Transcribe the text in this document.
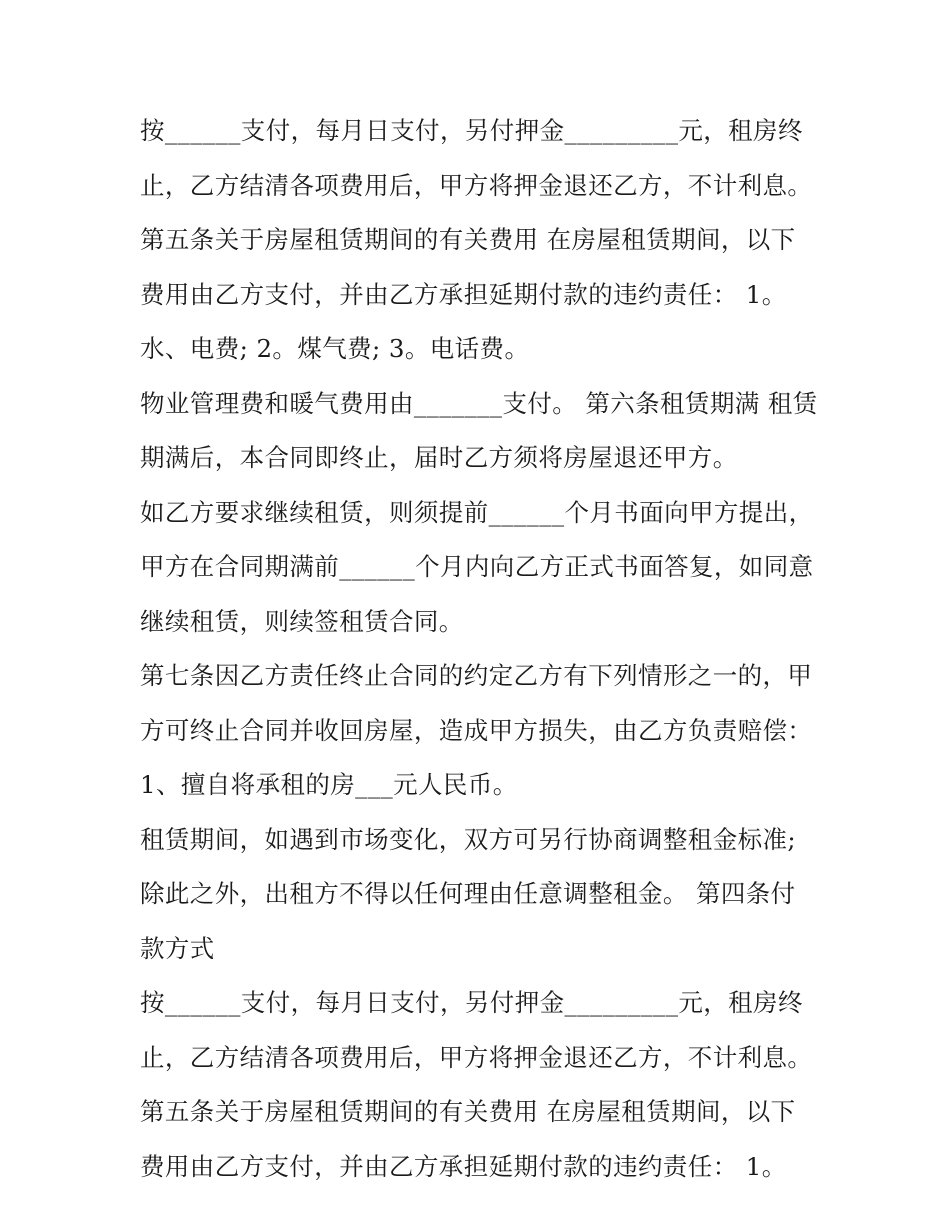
按______支付，每月日支付，另付押金_________元，租房终
止，乙方结清各项费用后，甲方将押金退还乙方，不计利息。
第五条关于房屋租赁期间的有关费用 在房屋租赁期间，以下
费用由乙方支付，并由乙方承担延期付款的违约责任： 1。
水、电费; 2。煤气费; 3。电话费。
物业管理费和暖气费用由_______支付。 第六条租赁期满 租赁
期满后，本合同即终止，届时乙方须将房屋退还甲方。
如乙方要求继续租赁，则须提前______个月书面向甲方提出，
甲方在合同期满前______个月内向乙方正式书面答复，如同意
继续租赁，则续签租赁合同。
第七条因乙方责任终止合同的约定乙方有下列情形之一的，甲
方可终止合同并收回房屋，造成甲方损失，由乙方负责赔偿：
1、擅自将承租的房___元人民币。
租赁期间，如遇到市场变化，双方可另行协商调整租金标准;
除此之外，出租方不得以任何理由任意调整租金。 第四条付
款方式
按______支付，每月日支付，另付押金_________元，租房终
止，乙方结清各项费用后，甲方将押金退还乙方，不计利息。
第五条关于房屋租赁期间的有关费用 在房屋租赁期间，以下
费用由乙方支付，并由乙方承担延期付款的违约责任： 1。
